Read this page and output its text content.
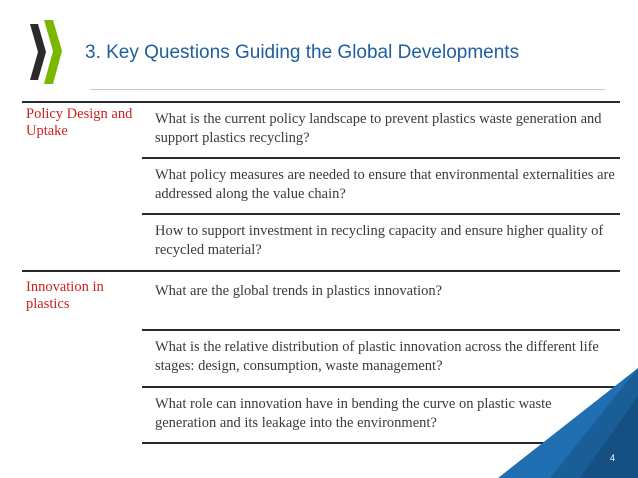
3. Key Questions Guiding the Global Developments
Policy Design and Uptake
What is the current policy landscape to prevent plastics waste generation and support plastics recycling?
What policy measures are needed to ensure that environmental externalities are addressed along the value chain?
How to support investment in recycling capacity and ensure higher quality of recycled material?
Innovation in plastics
What are the global trends in plastics innovation?
What is the relative distribution of plastic innovation across the different life stages: design, consumption, waste management?
What role can innovation have in bending the curve on plastic waste generation and its leakage into the environment?
4
